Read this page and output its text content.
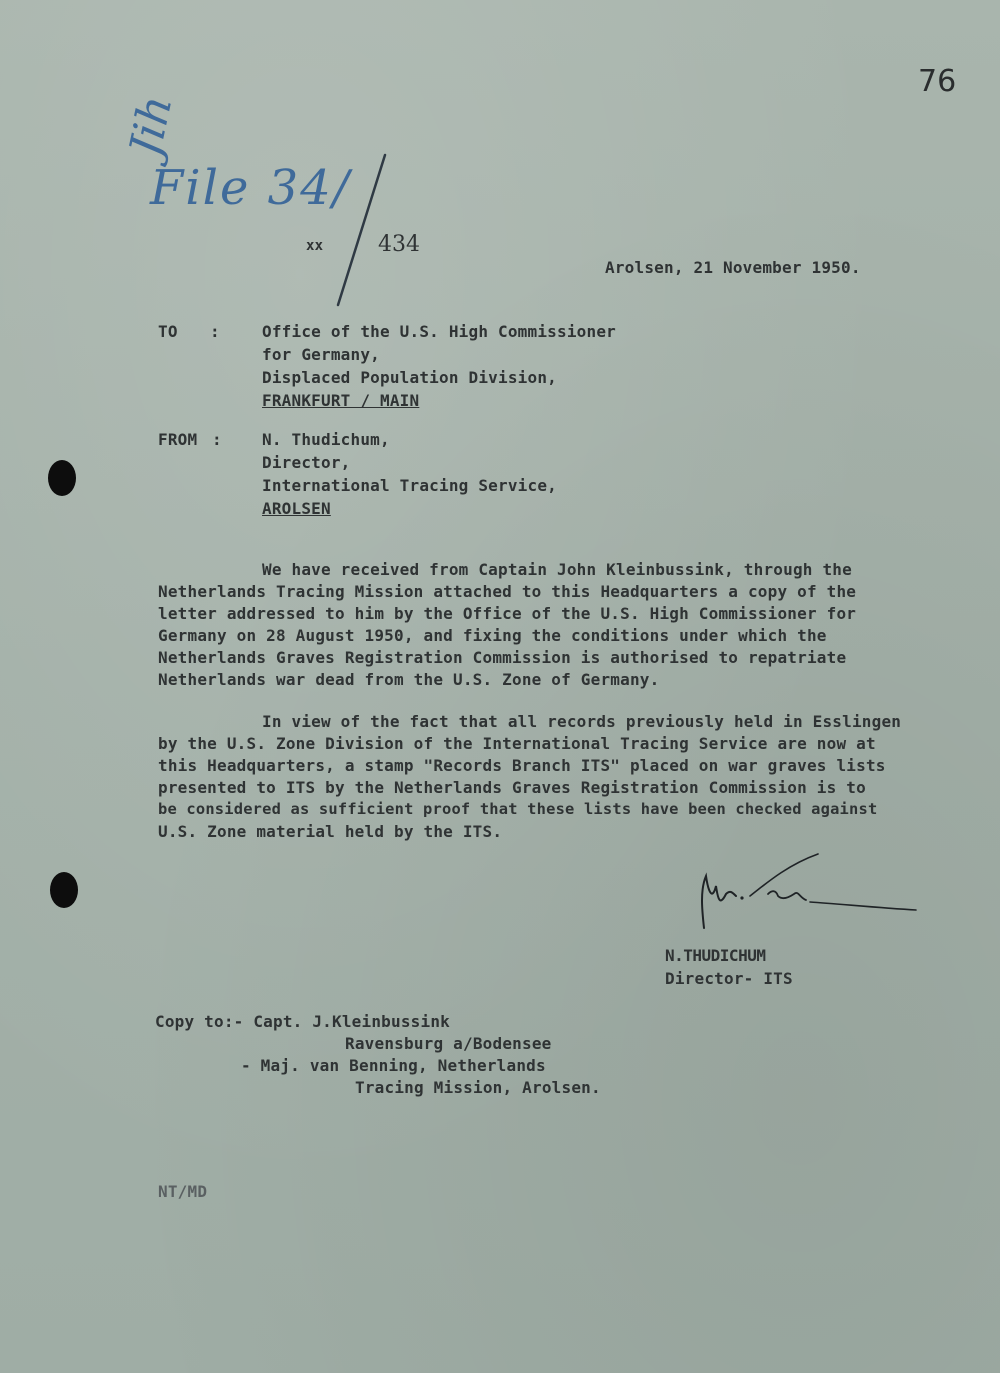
76
Jih
File 34/
xx 434
Arolsen, 21 November 1950.
TO :

	Office of the U.S. High Commissioner

for Germany,

Displaced Population Division,

FRANKFURT / MAIN

FROM :

	N. Thudichum,

Director,

International Tracing Service,

AROLSEN

We have received from Captain John Kleinbussink, through the

Netherlands Tracing Mission attached to this Headquarters a copy of the

letter addressed to him by the Office of the U.S. High Commissioner for

Germany on 28 August 1950, and fixing the conditions under which the

Netherlands Graves Registration Commission is authorised to repatriate

Netherlands war dead from the U.S. Zone of Germany.

In view of the fact that all records previously held in Esslingen

by the U.S. Zone Division of the International Tracing Service are now at

this Headquarters, a stamp "Records Branch ITS" placed on war graves lists

presented to ITS by the Netherlands Graves Registration Commission is to

be considered as sufficient proof that these lists have been checked against

U.S. Zone material held by the ITS.

N.THUDICHUM
Director- ITS

Copy to:- Capt. J.Kleinbussink

Ravensburg a/Bodensee

- Maj. van Benning, Netherlands

Tracing Mission, Arolsen.

NT/MD
